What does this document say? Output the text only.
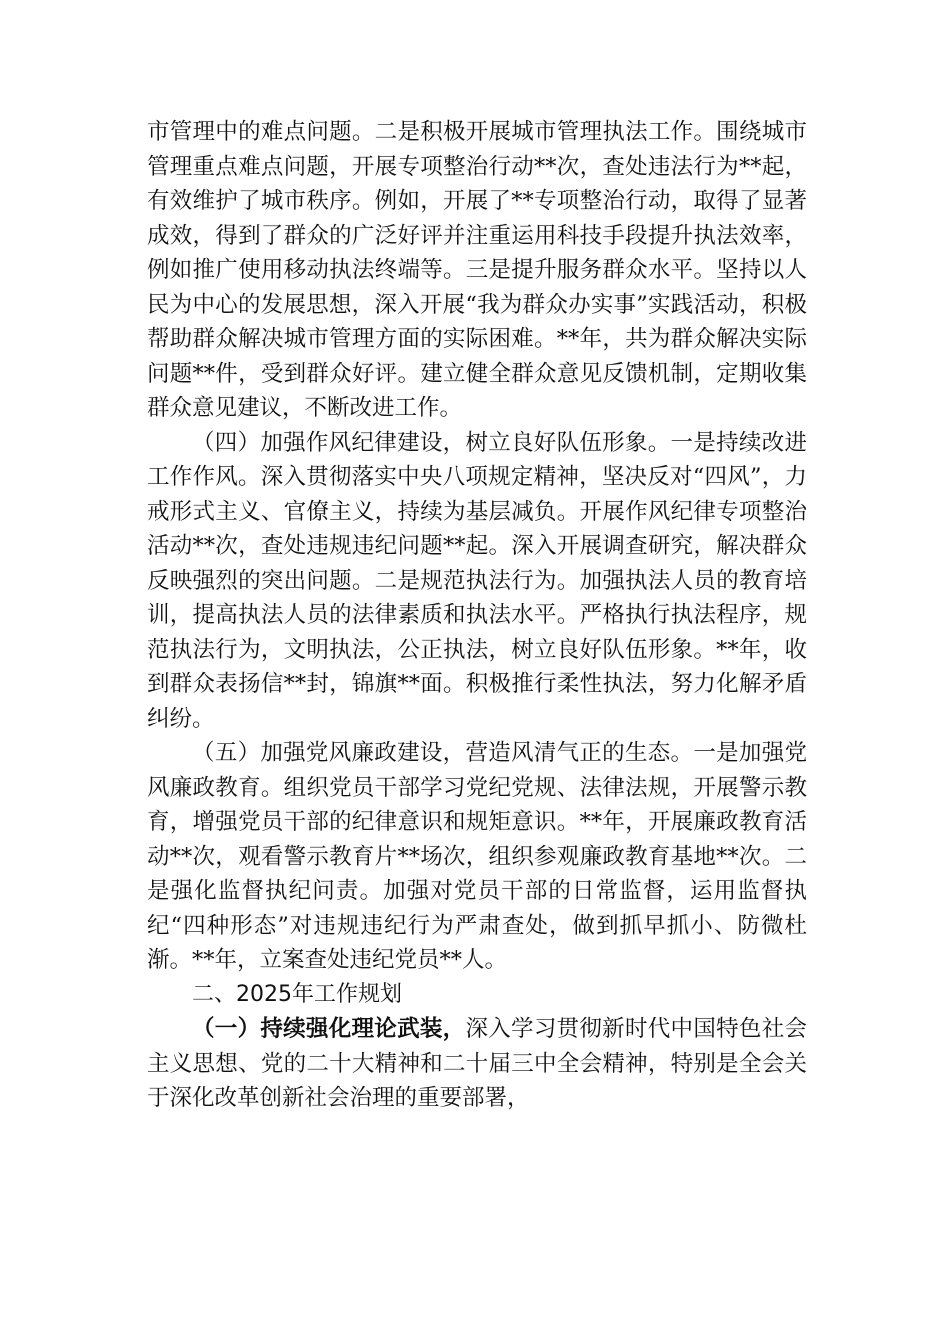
市管理中的难点问题。二是积极开展城市管理执法工作。围绕城市管理重点难点问题，开展专项整治行动**次，查处违法行为**起，有效维护了城市秩序。例如，开展了**专项整治行动，取得了显著成效，得到了群众的广泛好评并注重运用科技手段提升执法效率，例如推广使用移动执法终端等。三是提升服务群众水平。坚持以人民为中心的发展思想，深入开展“我为群众办实事”实践活动，积极帮助群众解决城市管理方面的实际困难。**年，共为群众解决实际问题**件，受到群众好评。建立健全群众意见反馈机制，定期收集群众意见建议，不断改进工作。

（四）加强作风纪律建设，树立良好队伍形象。一是持续改进工作作风。深入贯彻落实中央八项规定精神，坚决反对“四风”，力戒形式主义、官僚主义，持续为基层减负。开展作风纪律专项整治活动**次，查处违规违纪问题**起。深入开展调查研究，解决群众反映强烈的突出问题。二是规范执法行为。加强执法人员的教育培训，提高执法人员的法律素质和执法水平。严格执行执法程序，规范执法行为，文明执法，公正执法，树立良好队伍形象。**年，收到群众表扬信**封，锦旗**面。积极推行柔性执法，努力化解矛盾纠纷。

（五）加强党风廉政建设，营造风清气正的生态。一是加强党风廉政教育。组织党员干部学习党纪党规、法律法规，开展警示教育，增强党员干部的纪律意识和规矩意识。**年，开展廉政教育活动**次，观看警示教育片**场次，组织参观廉政教育基地**次。二是强化监督执纪问责。加强对党员干部的日常监督，运用监督执纪“四种形态”对违规违纪行为严肃查处，做到抓早抓小、防微杜渐。**年，立案查处违纪党员**人。

二、2025年工作规划

（一）持续强化理论武装，深入学习贯彻新时代中国特色社会主义思想、党的二十大精神和二十届三中全会精神，特别是全会关于深化改革创新社会治理的重要部署，
